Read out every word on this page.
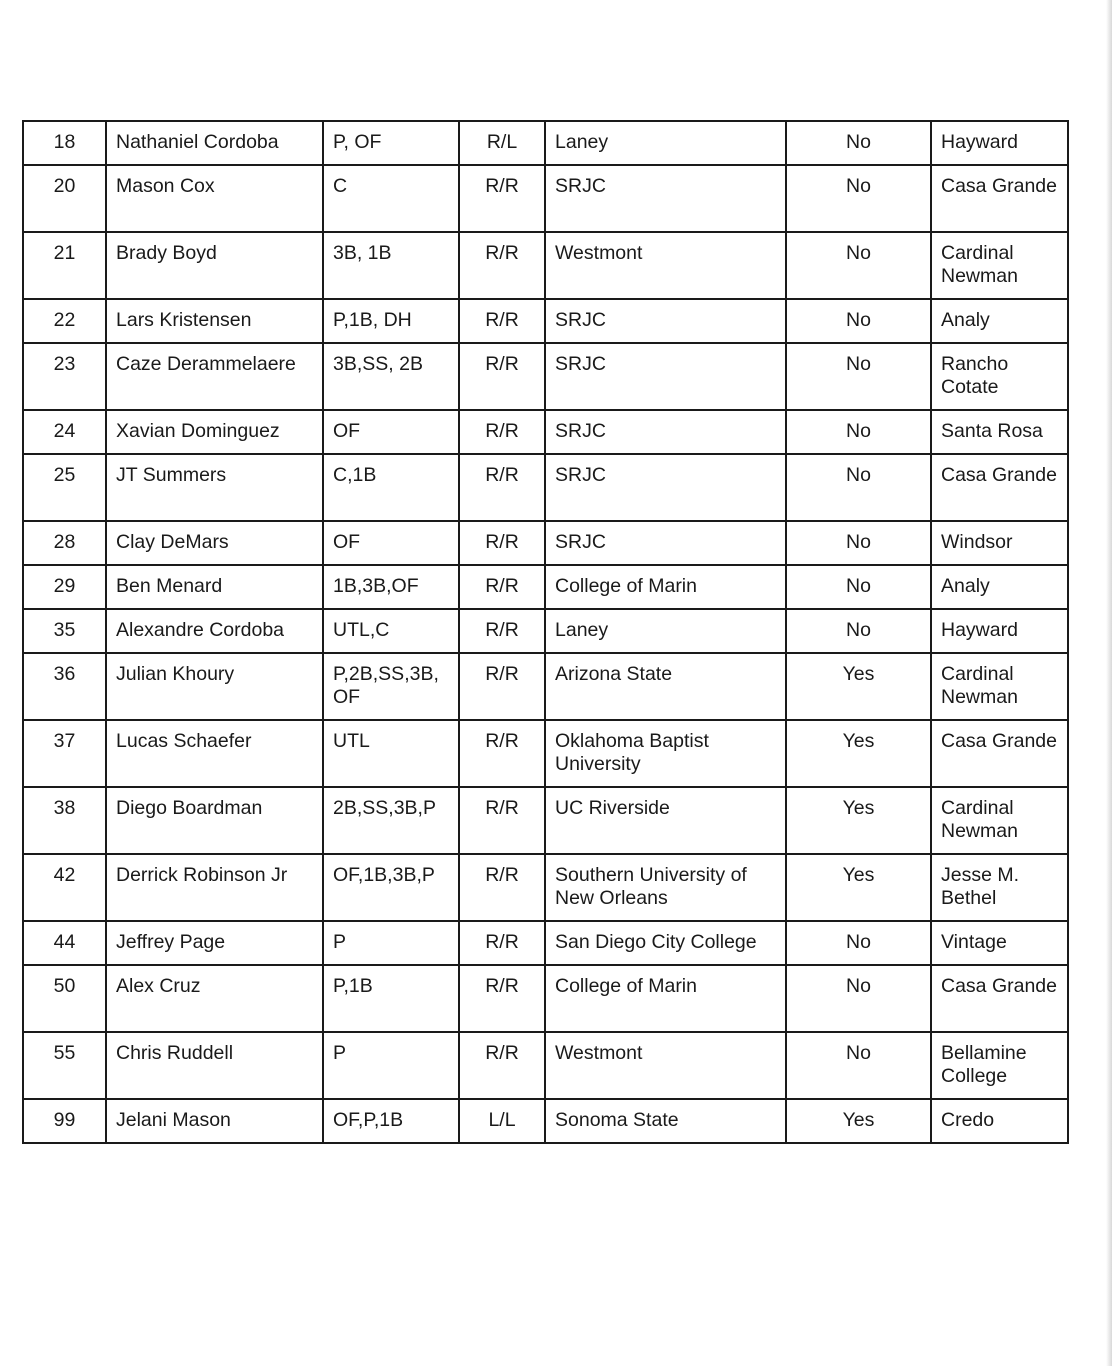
18	Nathaniel Cordoba	P, OF	R/L	Laney	No	Hayward
20	Mason Cox	C	R/R	SRJC	No	Casa Grande
21	Brady Boyd	3B, 1B	R/R	Westmont	No	Cardinal Newman
22	Lars Kristensen	P,1B, DH	R/R	SRJC	No	Analy
23	Caze Derammelaere	3B,SS, 2B	R/R	SRJC	No	Rancho Cotate
24	Xavian Dominguez	OF	R/R	SRJC	No	Santa Rosa
25	JT Summers	C,1B	R/R	SRJC	No	Casa Grande
28	Clay DeMars	OF	R/R	SRJC	No	Windsor
29	Ben Menard	1B,3B,OF	R/R	College of Marin	No	Analy
35	Alexandre Cordoba	UTL,C	R/R	Laney	No	Hayward
36	Julian Khoury	P,2B,SS,3B, OF	R/R	Arizona State	Yes	Cardinal Newman
37	Lucas Schaefer	UTL	R/R	Oklahoma Baptist University	Yes	Casa Grande
38	Diego Boardman	2B,SS,3B,P	R/R	UC Riverside	Yes	Cardinal Newman
42	Derrick Robinson Jr	OF,1B,3B,P	R/R	Southern University of New Orleans	Yes	Jesse M. Bethel
44	Jeffrey Page	P	R/R	San Diego City College	No	Vintage
50	Alex Cruz	P,1B	R/R	College of Marin	No	Casa Grande
55	Chris Ruddell	P	R/R	Westmont	No	Bellamine College
99	Jelani Mason	OF,P,1B	L/L	Sonoma State	Yes	Credo
